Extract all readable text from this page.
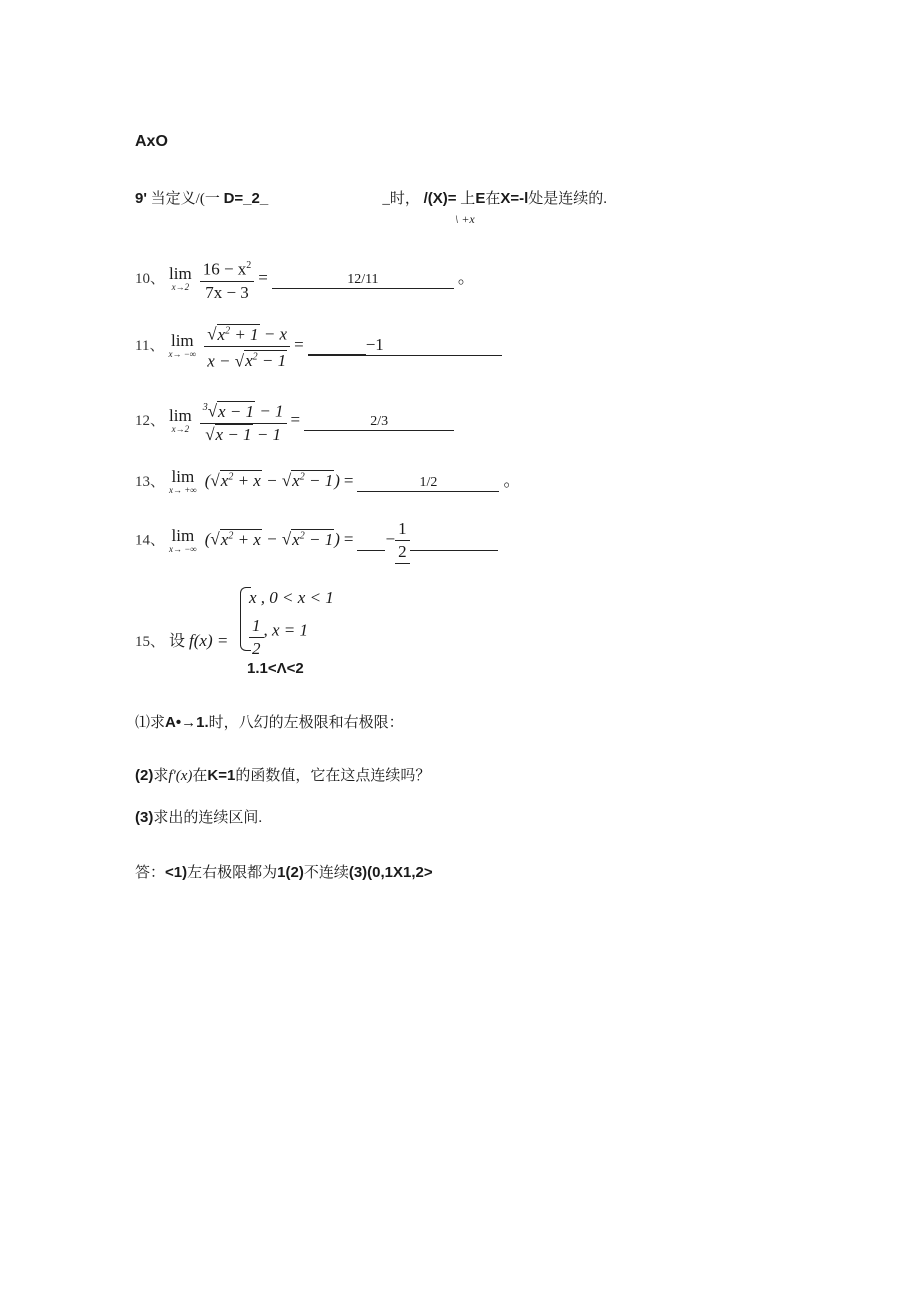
AxO
9' 当定义/(一 D=_2_	_时， /(X)= 上E在X=-l处是连续的.
\ +x
10、 lim
x→2
$\frac{16 - x^2}{7x - 3}$ =	12/11	。
11、 lim
x→ −∞
$\frac{√x^2 + 1 - x}{x - √x^2 - 1}$ =	−1
12、 lim
x→2
$\frac{^3√x - 1 - 1}{√x - 1 - 1}$ =	2/3
13、 lim
x→ +∞
$(√x^2 + x - √x^2 - 1)$ =	1/2	。
14、 lim
x→ −∞
$(√x^2 + x - √x^2 - 1)$ = − $\frac{1}{2}$

15、 设 f(x) =
x , 0 < x < 1
$\frac{1}{2}$ , x = 1
1.1<Λ<2
⑴求A•→1.时，八幻的左极限和右极限：
(2)求f'(x)在K=1的函数值，它在这点连续吗？
(3)求出的连续区间.
答：<1)左右极限都为1(2)不连续(3)(0,1X1,2>
